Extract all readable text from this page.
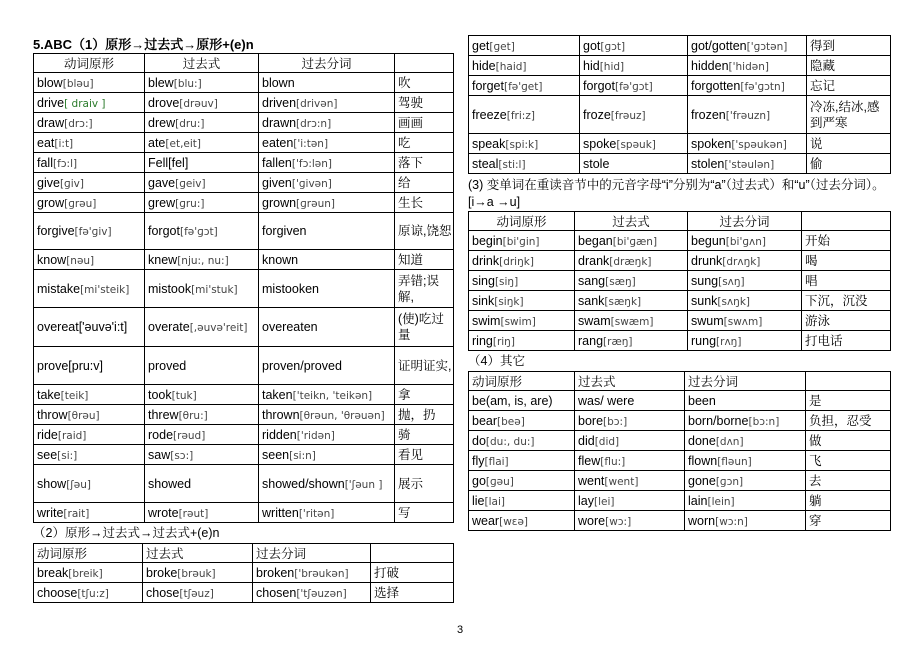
5.ABC（1）原形→过去式→原形+(e)n
动词原形	过去式	过去分词	
blow[bləu]	blew[blu:]	blown	吹
drive[ draiv ]	drove[drəuv]	driven[drivən]	驾驶
draw[drɔ:]	drew[dru:]	drawn[drɔ:n]	画画
eat[i:t]	ate[et,eit]	eaten['i:tən]	吃
fall[fɔ:l]	Fell[fel]	fallen['fɔ:lən]	落下
give[ɡiv]	gave[ɡeiv]	given['ɡivən]	给
grow[ɡrəu]	grew[ɡru:]	grown[ɡrəun]	生长
forgive[fə'ɡiv]	forgot[fə'ɡɔt]	forgiven	原谅,饶恕
know[nəu]	knew[nju:, nu:]	known	知道
mistake[mi'steik]	mistook[mi'stuk]	mistooken	弄错;误解,
overeat['əuvə'i:t]	overate[,əuvə'reit]	overeaten	(使)吃过量
prove[pru:v]	proved	proven/proved	证明证实,
take[teik]	took[tuk]	taken['teikn, 'teikən]	拿
throw[θrəu]	threw[θru:]	thrown[θrəun, 'θrəuən]	抛，扔
ride[raid]	rode[rəud]	ridden['ridən]	骑
see[si:]	saw[sɔ:]	seen[si:n]	看见
show[ʃəu]	showed	showed/shown['ʃəun ]	展示
write[rait]	wrote[rəut]	written['ritən]	写
（2）原形→过去式→过去式+(e)n
动词原形	过去式	过去分词	
break[breik]	broke[brəuk]	broken['brəukən]	打破
choose[tʃu:z]	chose[tʃəuz]	chosen['tʃəuzən]	选择
get[ɡet]	got[ɡɔt]	got/gotten['ɡɔtən]	得到
hide[haid]	hid[hid]	hidden['hidən]	隐藏
forget[fə'ɡet]	forgot[fə'ɡɔt]	forgotten[fə'ɡɔtn]	忘记
freeze[fri:z]	froze[frəuz]	frozen['frəuzn]	冷冻,结冰,感到严寒
speak[spi:k]	spoke[spəuk]	spoken['spəukən]	说
steal[sti:l]	stole	stolen['stəulən]	偷
(3) 变单词在重读音节中的元音字母“i”分别为“a”（过去式）和“u”（过去分词）。
[i→a →u]
动词原形	过去式	过去分词	
begin[bi'ɡin]	began[bi'ɡæn]	begun[bi'ɡʌn]	开始
drink[driŋk]	drank[dræŋk]	drunk[drʌŋk]	喝
sing[siŋ]	sang[sæŋ]	sung[sʌŋ]	唱
sink[siŋk]	sank[sæŋk]	sunk[sʌŋk]	下沉，沉没
swim[swim]	swam[swæm]	swum[swʌm]	游泳
ring[riŋ]	rang[ræŋ]	rung[rʌŋ]	打电话
（4）其它
动词原形	过去式	过去分词	
be(am, is, are)	was/ were	been	是
bear[beə]	bore[bɔ:]	born/borne[bɔ:n]	负担，忍受
do[du:, du:]	did[did]	done[dʌn]	做
fly[flai]	flew[flu:]	flown[fləun]	飞
go[ɡəu]	went[went]	gone[ɡɔn]	去
lie[lai]	lay[lei]	lain[lein]	躺
wear[wɛə]	wore[wɔ:]	worn[wɔ:n]	穿
3
